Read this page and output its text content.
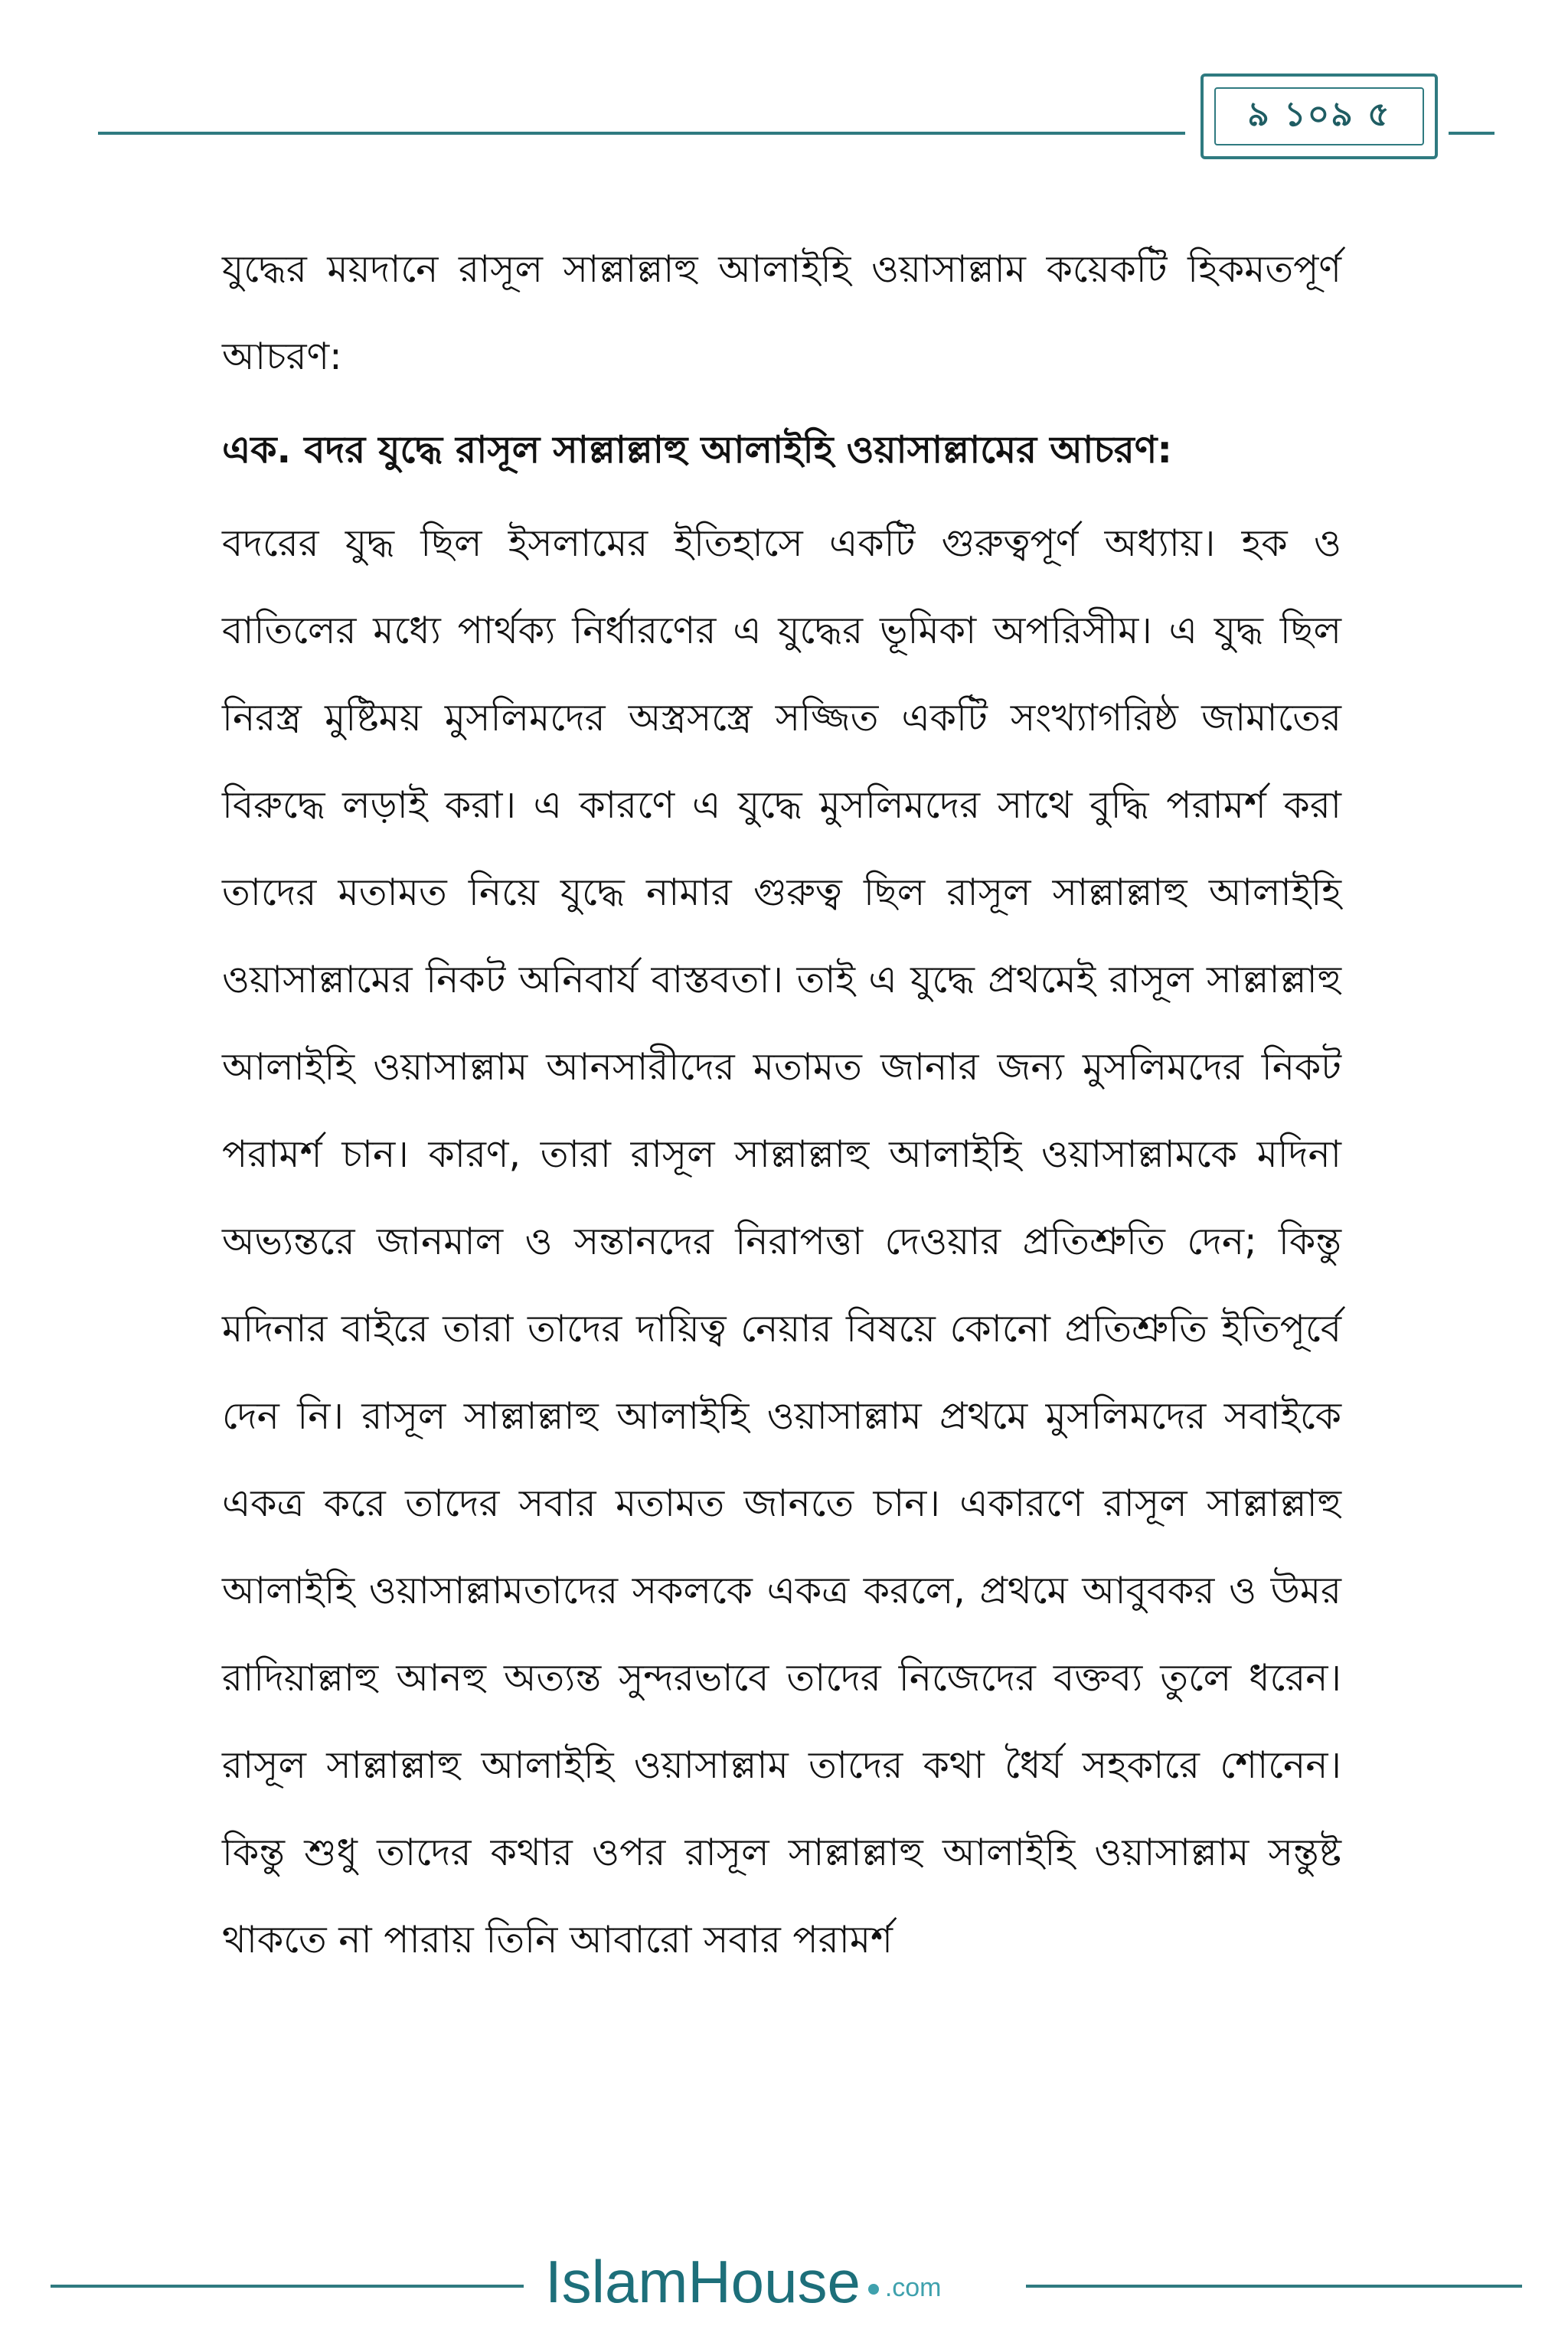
৯ ১০৯ ৫

যুদ্ধের ময়দানে রাসূল সাল্লাল্লাহু আলাইহি ওয়াসাল্লাম কয়েকটি হিকমতপূর্ণ আচরণ:

এক. বদর যুদ্ধে রাসূল সাল্লাল্লাহু আলাইহি ওয়াসাল্লামের আচরণ:

বদরের যুদ্ধ ছিল ইসলামের ইতিহাসে একটি গুরুত্বপূর্ণ অধ্যায়। হক ও বাতিলের মধ্যে পার্থক্য নির্ধারণের এ যুদ্ধের ভূমিকা অপরিসীম। এ যুদ্ধ ছিল নিরস্ত্র মুষ্টিময় মুসলিমদের অস্ত্রসস্ত্রে সজ্জিত একটি সংখ্যাগরিষ্ঠ জামাতের বিরুদ্ধে লড়াই করা। এ কারণে এ যুদ্ধে মুসলিমদের সাথে বুদ্ধি পরামর্শ করা তাদের মতামত নিয়ে যুদ্ধে নামার গুরুত্ব ছিল রাসূল সাল্লাল্লাহু আলাইহি ওয়াসাল্লামের নিকট অনিবার্য বাস্তবতা। তাই এ যুদ্ধে প্রথমেই রাসূল সাল্লাল্লাহু আলাইহি ওয়াসাল্লাম আনসারীদের মতামত জানার জন্য মুসলিমদের নিকট পরামর্শ চান। কারণ, তারা রাসূল সাল্লাল্লাহু আলাইহি ওয়াসাল্লামকে মদিনা অভ্যন্তরে জানমাল ও সন্তানদের নিরাপত্তা দেওয়ার প্রতিশ্রুতি দেন; কিন্তু মদিনার বাইরে তারা তাদের দায়িত্ব নেয়ার বিষয়ে কোনো প্রতিশ্রুতি ইতিপূর্বে দেন নি। রাসূল সাল্লাল্লাহু আলাইহি ওয়াসাল্লাম প্রথমে মুসলিমদের সবাইকে একত্র করে তাদের সবার মতামত জানতে চান। একারণে রাসূল সাল্লাল্লাহু আলাইহি ওয়াসাল্লামতাদের সকলকে একত্র করলে, প্রথমে আবুবকর ও উমর রাদিয়াল্লাহু আনহু অত্যন্ত সুন্দরভাবে তাদের নিজেদের বক্তব্য তুলে ধরেন। রাসূল সাল্লাল্লাহু আলাইহি ওয়াসাল্লাম তাদের কথা ধৈর্য সহকারে শোনেন। কিন্তু শুধু তাদের কথার ওপর রাসূল সাল্লাল্লাহু আলাইহি ওয়াসাল্লাম সন্তুষ্ট থাকতে না পারায় তিনি আবারো সবার পরামর্শ

IslamHouse .com
